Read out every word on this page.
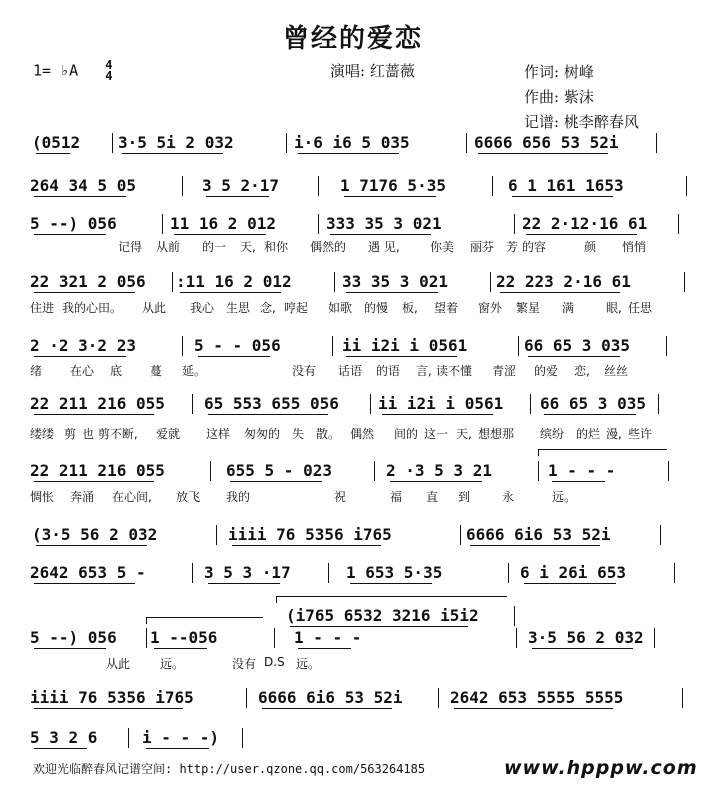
曾经的爱恋
1= ♭A 4
4	演唱: 红蔷薇	作词: 树峰
作曲: 紫沫
记谱: 桃李醉春风
(0512 3·5 5i 2 032	i·6 i6 5 035	6666 656 53 52i
264 34 5 05	3 5 2·17	1 7176 5·35	6 1 161 1653
5 --) 056	11 16 2 012	333 35 3 021	22 2·12·16 61
22 321 2 056 :11 16 2 012	33 35 3 021	22 223 2·16 61
2 ·2 3·2 23	5 - - 056	ii i2i i 0561	66 65 3 035
22 211 216 055 65 553 655 056 ii i2i i 0561 66 65 3 035
22 211 216 055	655 5 - 023	2 ·3 5 3 21	1 - - -
(3·5 56 2 032	iiii 76 5356 i765	6666 6i6 53 52i
2642 653 5 -	3 5 3 ·17	1 653 5·35	6 i 26i 653
(i765 6532 3216 i5i2
5 --) 056 1 --056	1 - - -	3·5 56 2 032
iiii 76 5356 i765	6666 6i6 53 52i	2642 653 5555 5555
5 3 2 6	i - - -)
记得 从前 的一 天, 和你 偶然的 遇 见,	你美 丽芬 芳 的容	颜 悄悄
住进 我的心田。 从此 我心 生思 念, 哼起 如歌 的慢 板, 望着 窗外 繁星 满	眼, 任思
绪 在心 底 蔓 延。	没有 话语 的语 言, 读不懂 青涩 的爱 恋, 丝丝
缕缕 剪 也 剪不断, 爱就 这样 匆匆的 失 散。 偶然 间的 这一 天, 想想那 缤纷 的烂 漫, 些许
惆怅 奔涌 在心间, 放飞 我的	祝	福 直 到	永	远。
从此 远。	没有 D.S 远。
欢迎光临醉春风记谱空间: http://user.qzone.qq.com/563264185	www.hpppw.com
